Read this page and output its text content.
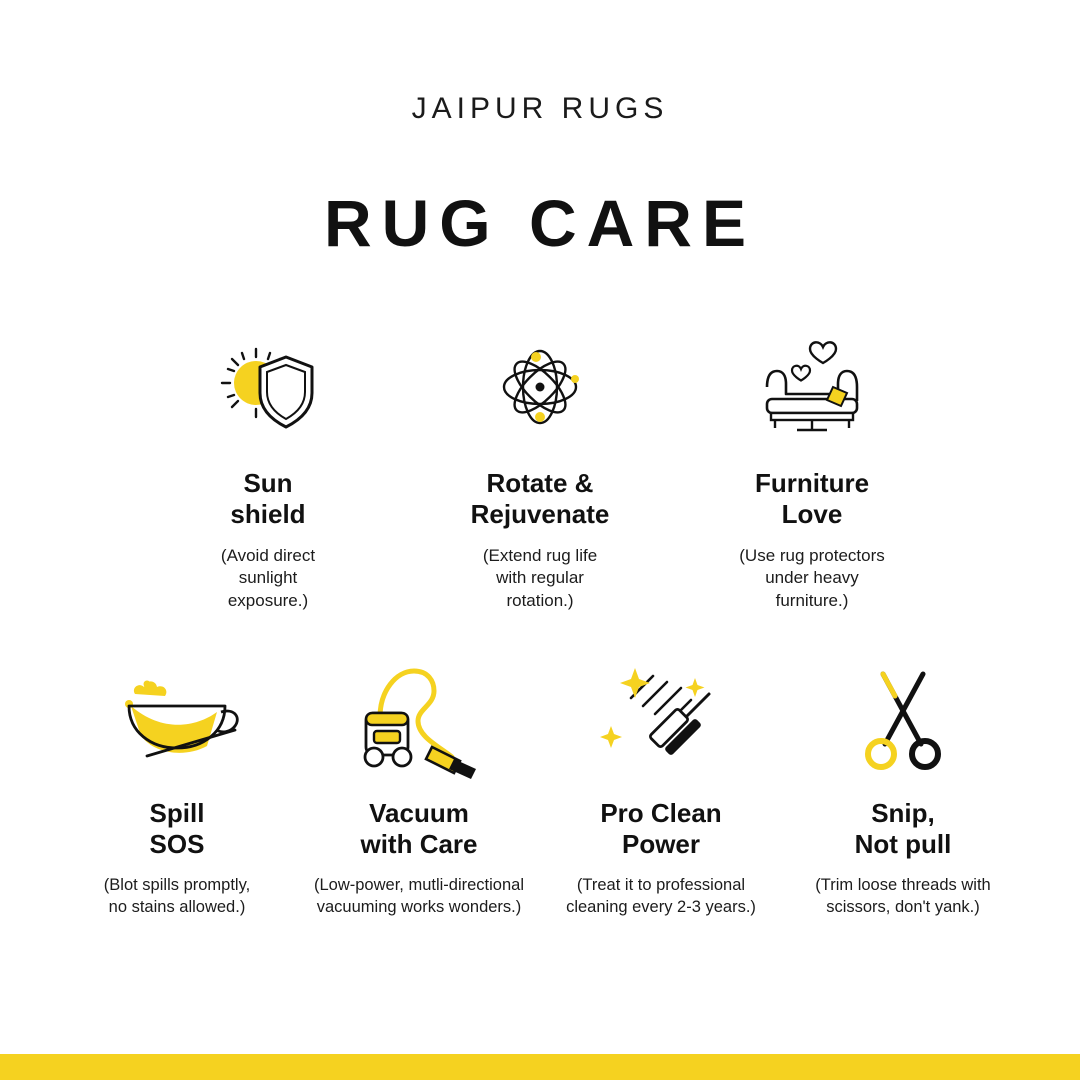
JAIPUR RUGS
RUG CARE
Sun
shield
(Avoid direct
sunlight
exposure.)
Rotate &
Rejuvenate
(Extend rug life
with regular
rotation.)
Furniture
Love
(Use rug protectors
under heavy
furniture.)
Spill
SOS
(Blot spills promptly,
no stains allowed.)
Vacuum
with Care
(Low-power, mutli-directional
vacuuming works wonders.)
Pro Clean
Power
(Treat it to professional
cleaning every 2-3 years.)
Snip,
Not pull
(Trim loose threads with
scissors, don't yank.)
